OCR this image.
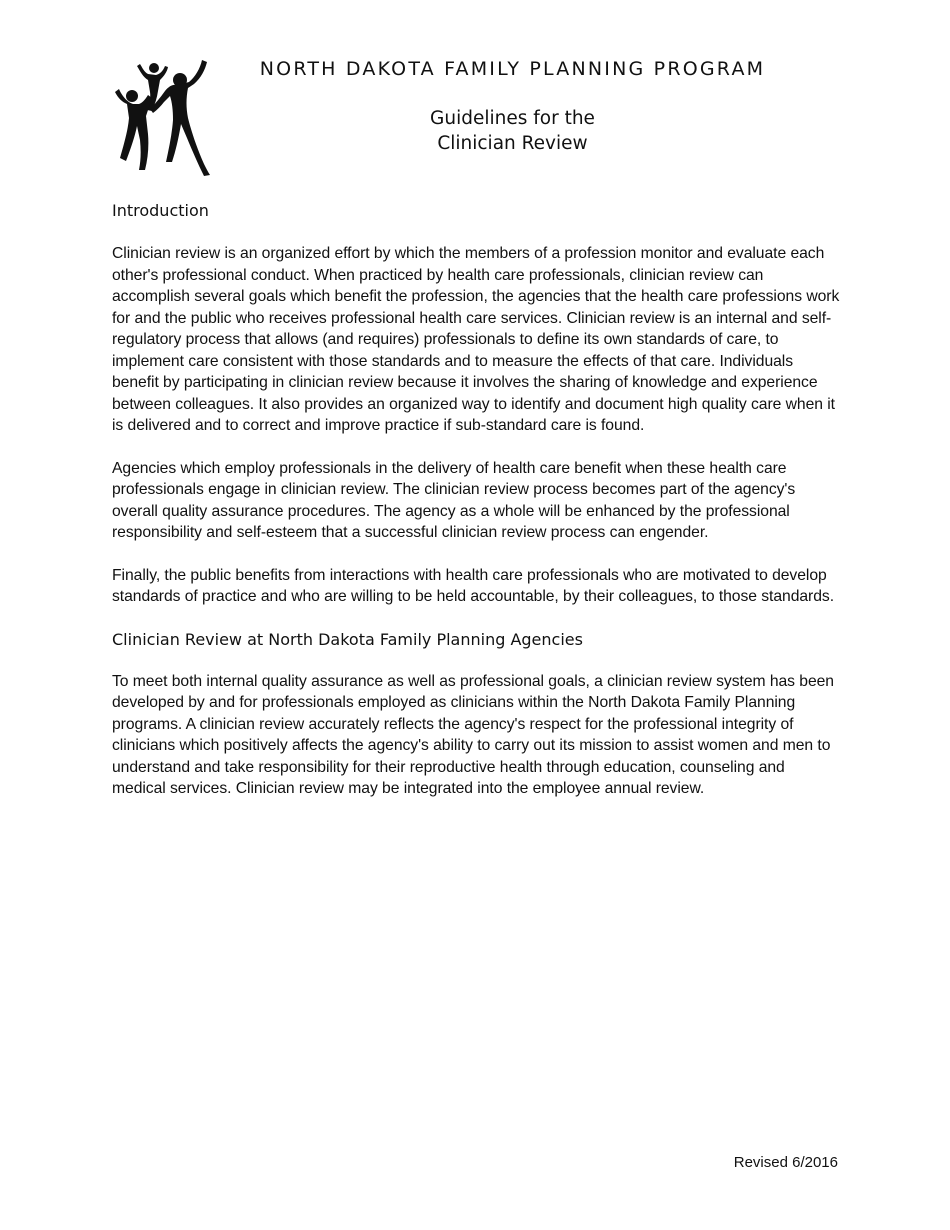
NORTH DAKOTA FAMILY PLANNING PROGRAM
Guidelines for the
Clinician Review
Introduction

Clinician review is an organized effort by which the members of a profession monitor and evaluate each other's professional conduct. When practiced by health care professionals, clinician review can accomplish several goals which benefit the profession, the agencies that the health care professions work for and the public who receives professional health care services. Clinician review is an internal and self-regulatory process that allows (and requires) professionals to define its own standards of care, to implement care consistent with those standards and to measure the effects of that care. Individuals benefit by participating in clinician review because it involves the sharing of knowledge and experience between colleagues. It also provides an organized way to identify and document high quality care when it is delivered and to correct and improve practice if sub-standard care is found.

Agencies which employ professionals in the delivery of health care benefit when these health care professionals engage in clinician review. The clinician review process becomes part of the agency's overall quality assurance procedures. The agency as a whole will be enhanced by the professional responsibility and self-esteem that a successful clinician review process can engender.

Finally, the public benefits from interactions with health care professionals who are motivated to develop standards of practice and who are willing to be held accountable, by their colleagues, to those standards.

Clinician Review at North Dakota Family Planning Agencies

To meet both internal quality assurance as well as professional goals, a clinician review system has been developed by and for professionals employed as clinicians within the North Dakota Family Planning programs. A clinician review accurately reflects the agency's respect for the professional integrity of clinicians which positively affects the agency's ability to carry out its mission to assist women and men to understand and take responsibility for their reproductive health through education, counseling and medical services. Clinician review may be integrated into the employee annual review.

Revised 6/2016
